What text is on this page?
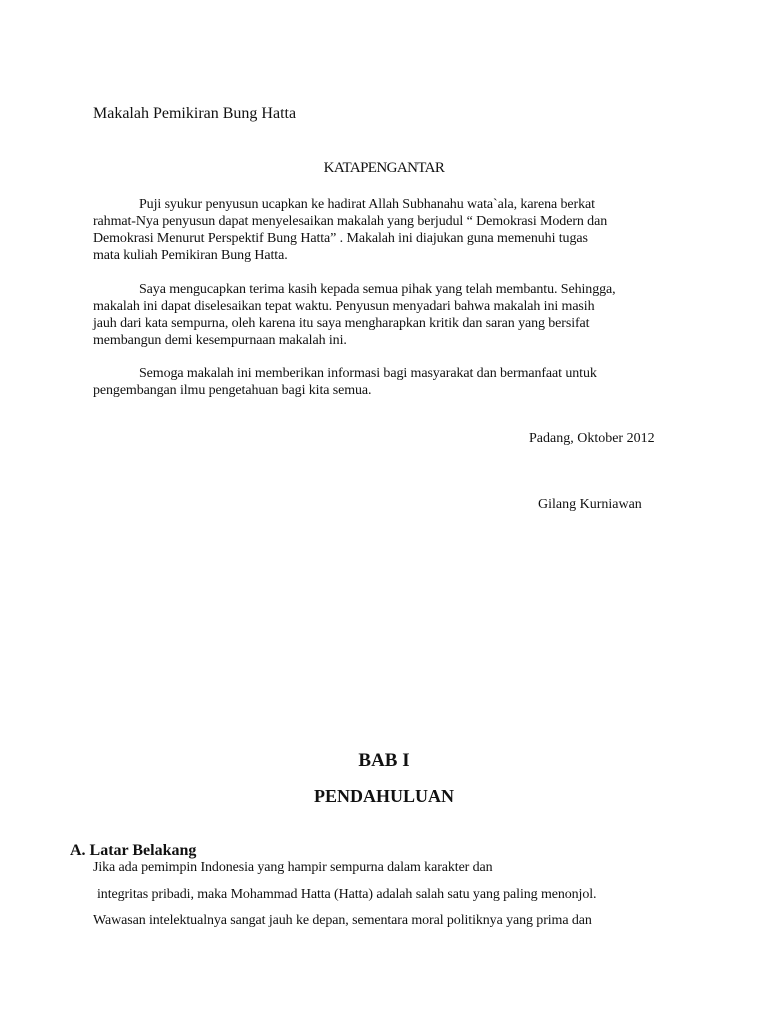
Makalah Pemikiran Bung Hatta
KATAPENGANTAR
Puji syukur penyusun ucapkan ke hadirat Allah Subhanahu wata`ala, karena berkat
rahmat-Nya penyusun dapat menyelesaikan makalah yang berjudul “ Demokrasi Modern dan
Demokrasi Menurut Perspektif Bung Hatta” . Makalah ini diajukan guna memenuhi tugas
mata kuliah Pemikiran Bung Hatta.
Saya mengucapkan terima kasih kepada semua pihak yang telah membantu. Sehingga,
makalah ini dapat diselesaikan tepat waktu. Penyusun menyadari bahwa makalah ini masih
jauh dari kata sempurna, oleh karena itu saya mengharapkan kritik dan saran yang bersifat
membangun demi kesempurnaan makalah ini.
Semoga makalah ini memberikan informasi bagi masyarakat dan bermanfaat untuk
pengembangan ilmu pengetahuan bagi kita semua.
Padang, Oktober 2012
Gilang Kurniawan
BAB I
PENDAHULUAN
A. Latar Belakang
Jika ada pemimpin Indonesia yang hampir sempurna dalam karakter dan
integritas pribadi, maka Mohammad Hatta (Hatta) adalah salah satu yang paling menonjol.
Wawasan intelektualnya sangat jauh ke depan, sementara moral politiknya yang prima dan
